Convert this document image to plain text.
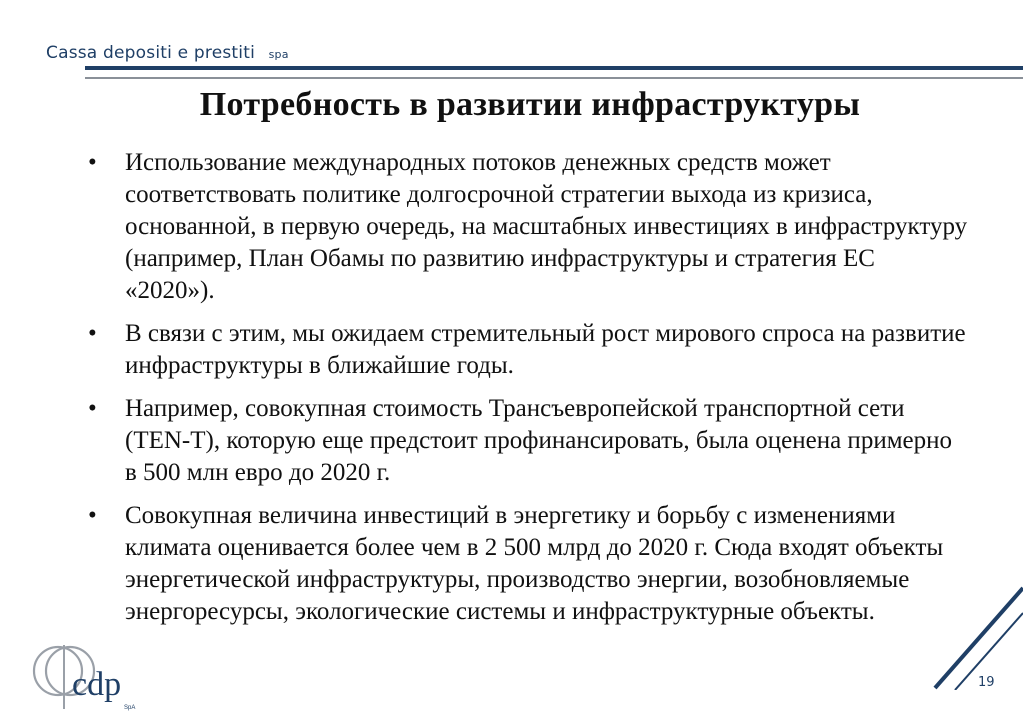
Cassa depositi e prestiti spa
Потребность в развитии инфраструктуры
•	Использование международных потоков денежных средств может соответствовать политике долгосрочной стратегии выхода из кризиса, основанной, в первую очередь, на масштабных инвестициях в инфраструктуру (например, План Обамы по развитию инфраструктуры и стратегия ЕС «2020»).
•	В связи с этим, мы ожидаем стремительный рост мирового спроса на развитие инфраструктуры в ближайшие годы.
•	Например, совокупная стоимость Трансъевропейской транспортной сети (TEN-T), которую еще предстоит профинансировать, была оценена примерно в 500 млн евро до 2020 г.
•	Совокупная величина инвестиций в энергетику и борьбу с изменениями климата оценивается более чем в 2 500 млрд до 2020 г. Сюда входят объекты энергетической инфраструктуры, производство энергии, возобновляемые энергоресурсы, экологические системы и инфраструктурные объекты.
cdp
SpA
19
